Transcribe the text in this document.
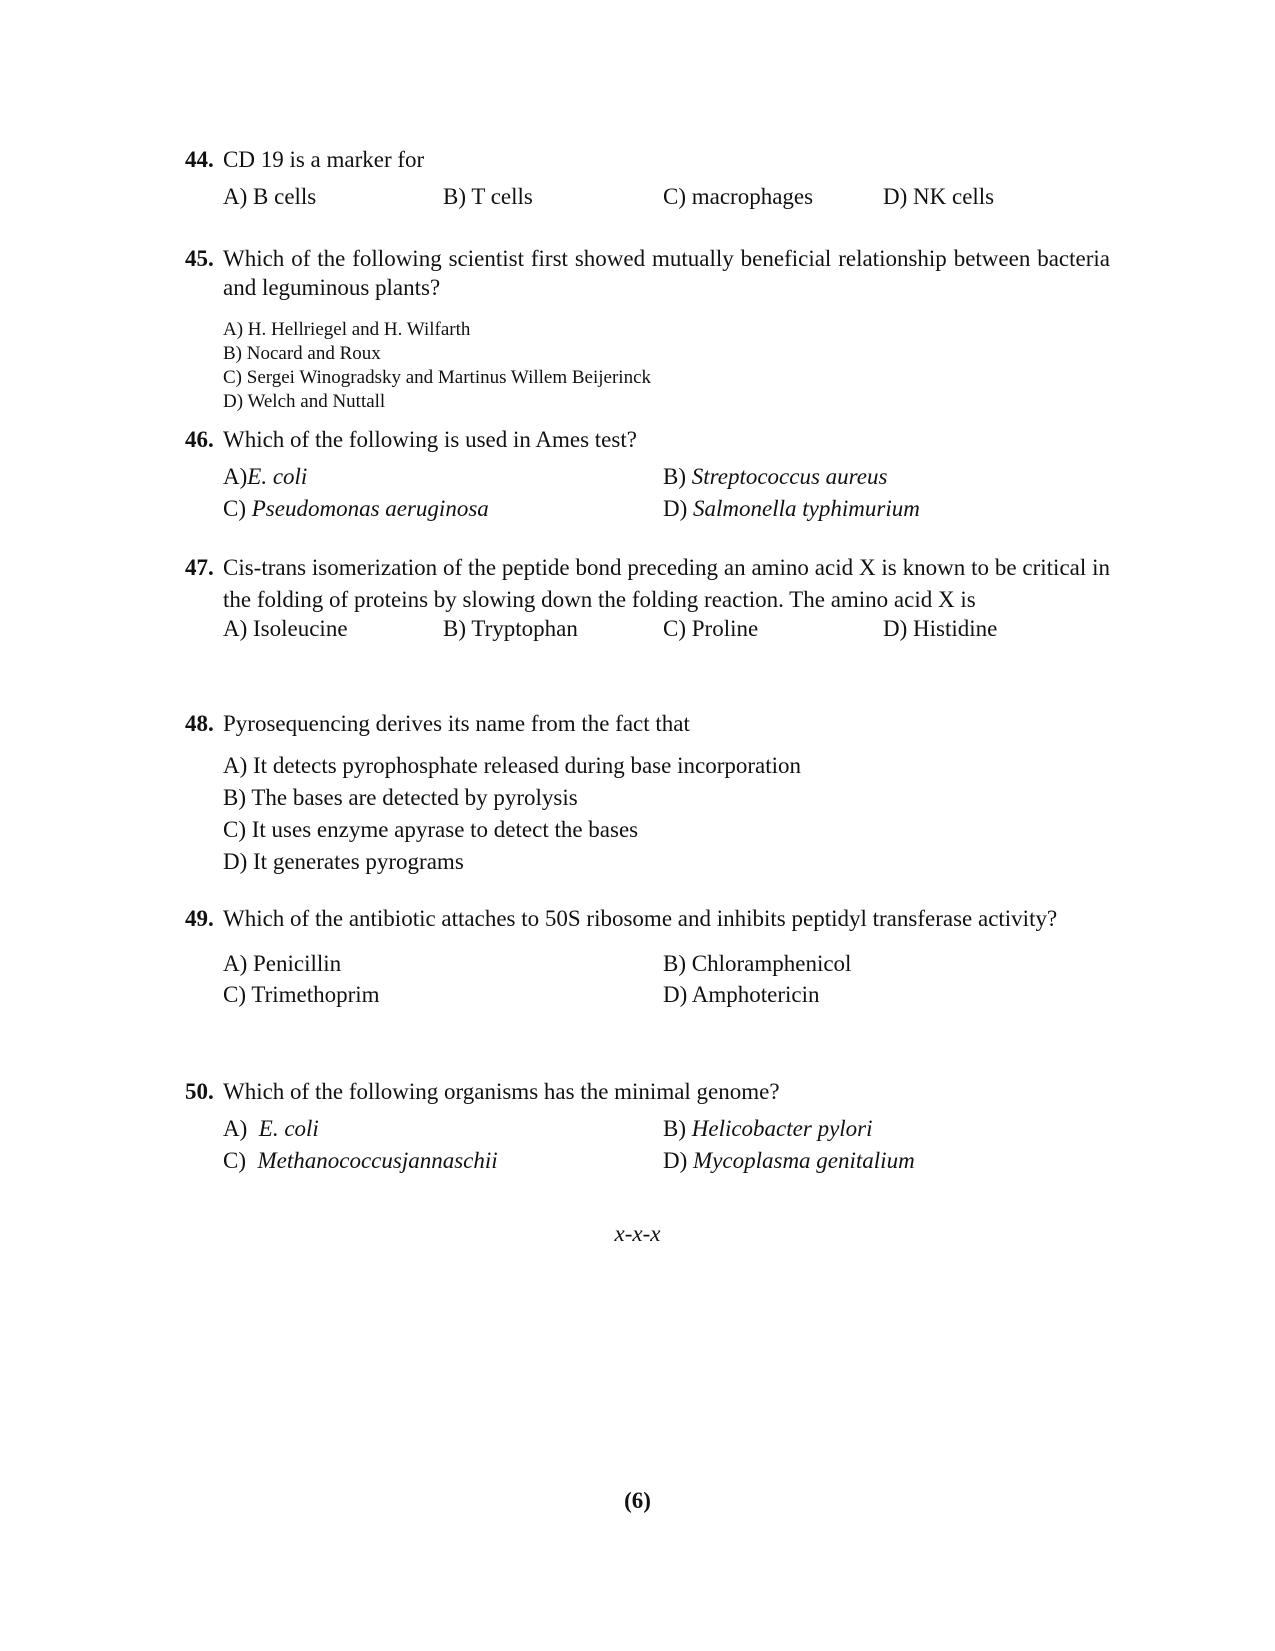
44. CD 19 is a marker for
A) B cells	B) T cells	C) macrophages	D) NK cells
45. Which of the following scientist first showed mutually beneficial relationship between bacteria and leguminous plants?
A) H. Hellriegel and H. Wilfarth
B) Nocard and Roux
C) Sergei Winogradsky and Martinus Willem Beijerinck
D) Welch and Nuttall
46. Which of the following is used in Ames test?
A)E. coli	B) Streptococcus aureus
C) Pseudomonas aeruginosa	D) Salmonella typhimurium
47. Cis-trans isomerization of the peptide bond preceding an amino acid X is known to be critical in the folding of proteins by slowing down the folding reaction. The amino acid X is
A) Isoleucine	B) Tryptophan	C) Proline	D) Histidine
48. Pyrosequencing derives its name from the fact that
A) It detects pyrophosphate released during base incorporation
B) The bases are detected by pyrolysis
C) It uses enzyme apyrase to detect the bases
D) It generates pyrograms
49. Which of the antibiotic attaches to 50S ribosome and inhibits peptidyl transferase activity?
A) Penicillin	B) Chloramphenicol
C) Trimethoprim	D) Amphotericin
50. Which of the following organisms has the minimal genome?
A)  E. coli	B) Helicobacter pylori
C)  Methanococcusjannaschii	D) Mycoplasma genitalium
x-x-x
(6)
